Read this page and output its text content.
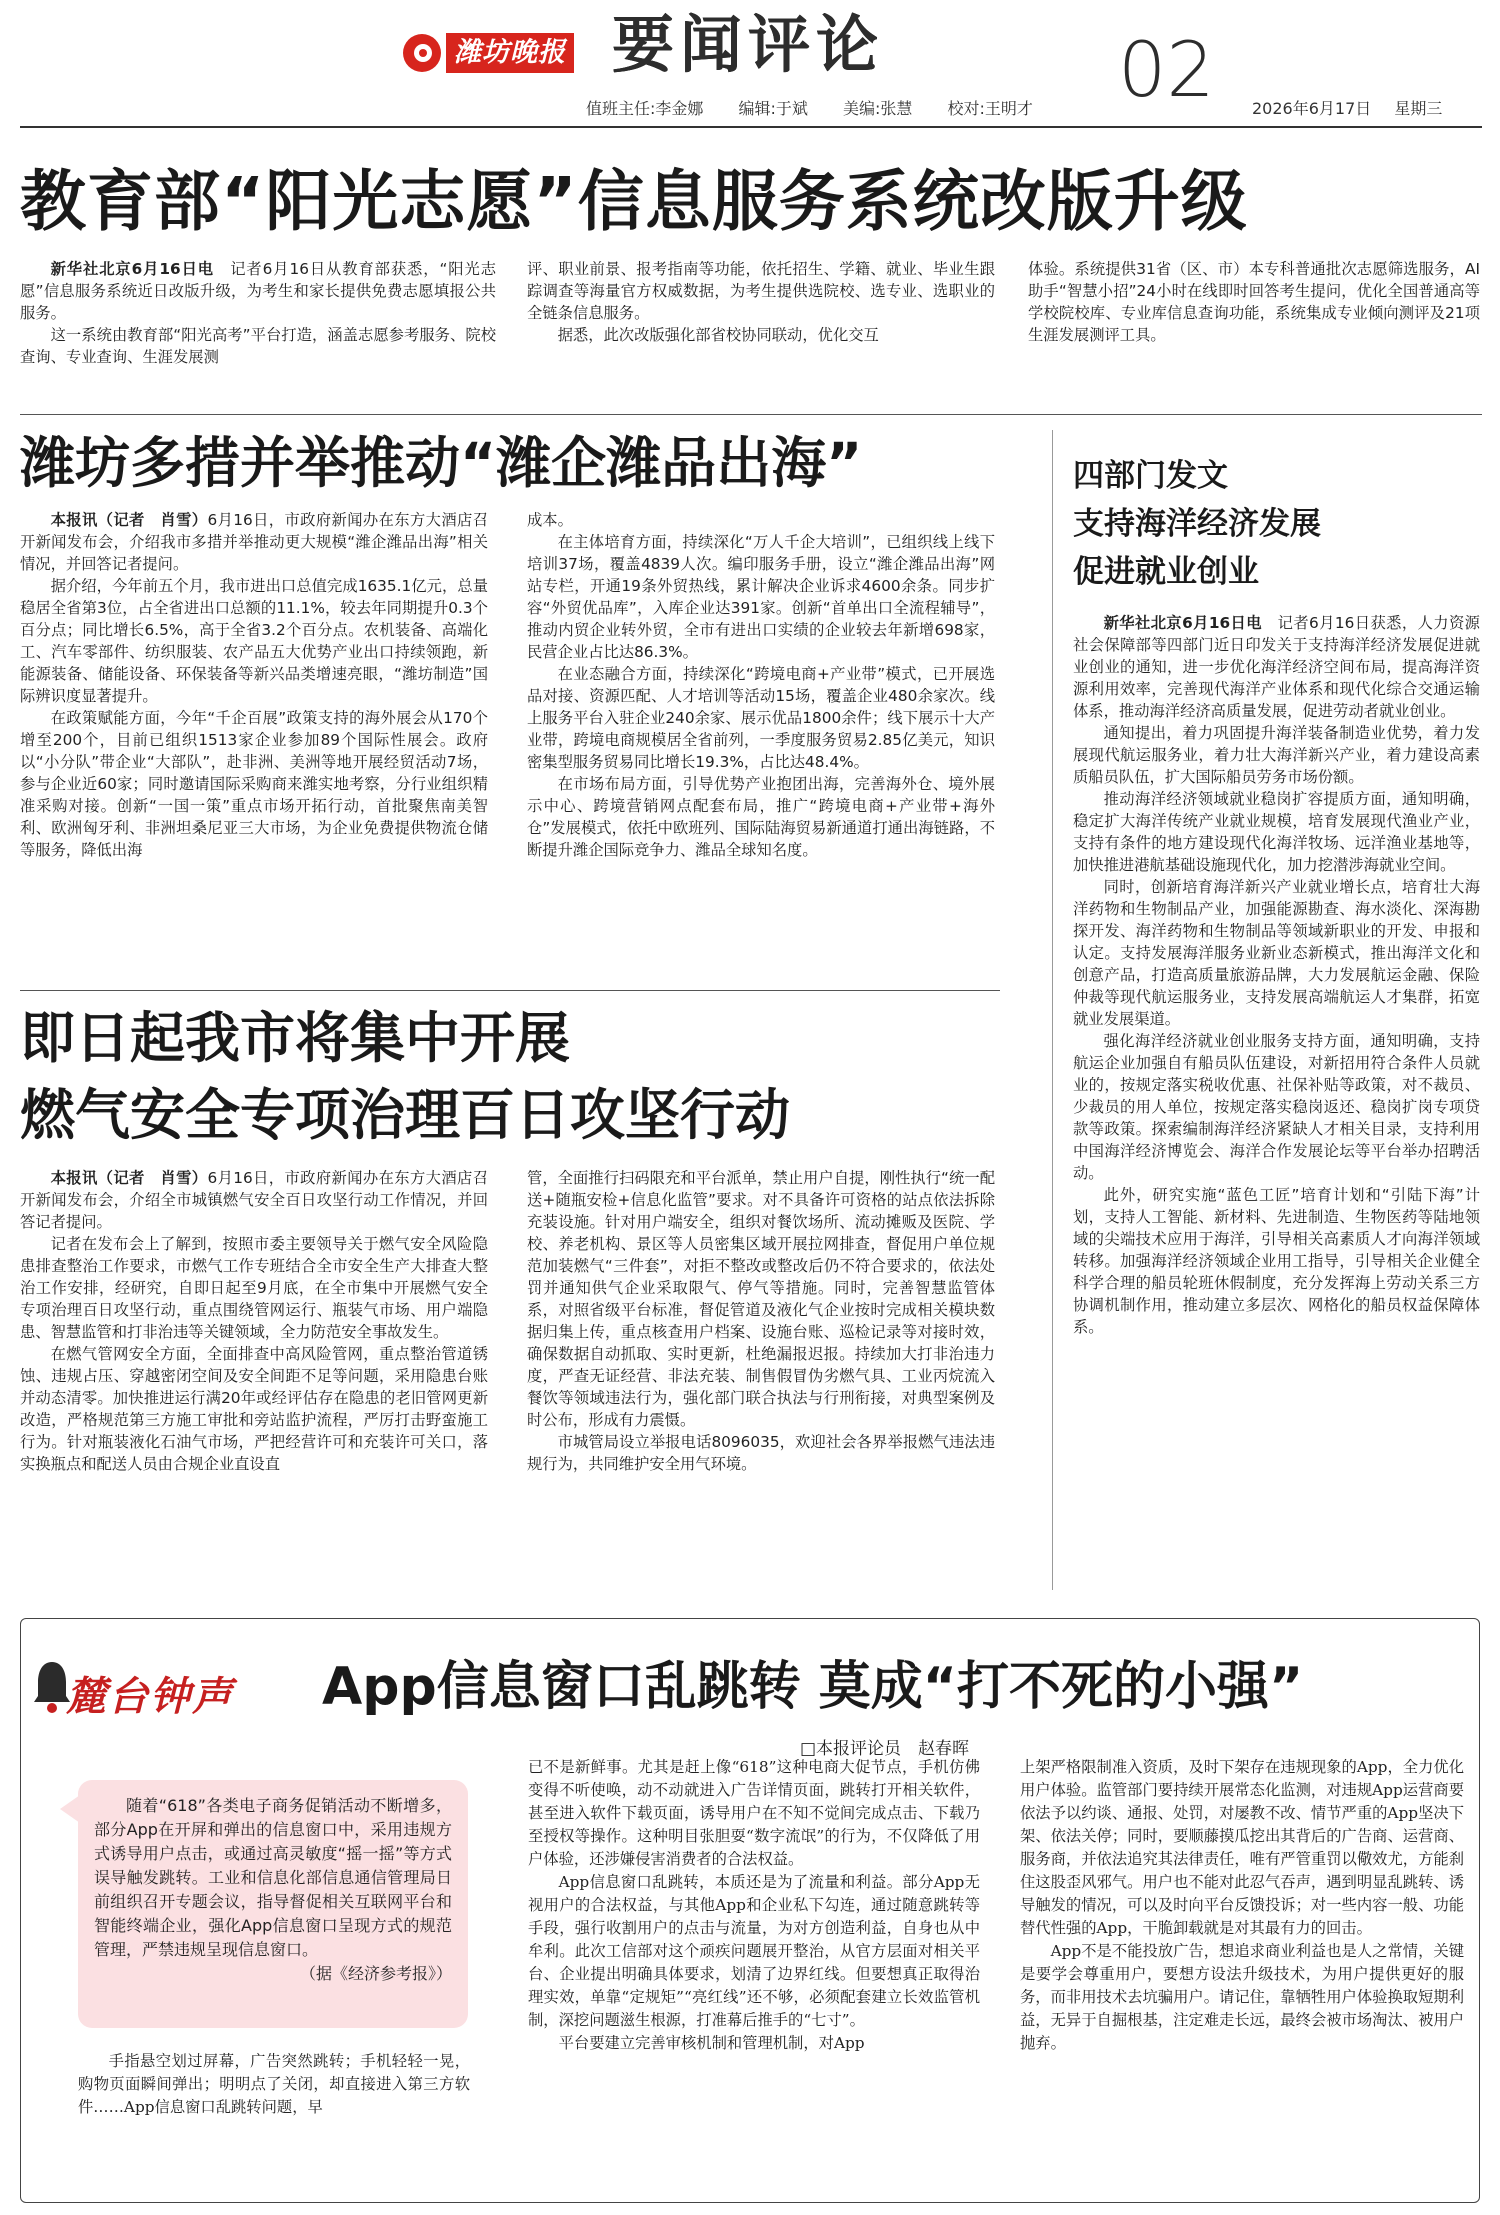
潍坊晚报 要闻评论	02
值班主任:李金娜 编辑:于斌 美编:张慧 校对:王明才	2026年6月17日 星期三
教育部“阳光志愿”信息服务系统改版升级

新华社北京6月16日电　 记者6月16日从教育部获悉，“阳光志愿”信息服务系统近日改版升级，为考生和家长提供免费志愿填报公共服务。

这一系统由教育部“阳光高考”平台打造，涵盖志愿参考服务、院校查询、专业查询、生涯发展测

评、职业前景、报考指南等功能，依托招生、学籍、就业、毕业生跟踪调查等海量官方权威数据，为考生提供选院校、选专业、选职业的全链条信息服务。

据悉，此次改版强化部省校协同联动，优化交互

体验。系统提供31省（区、市）本专科普通批次志愿筛选服务，AI助手“智慧小招”24小时在线即时回答考生提问，优化全国普通高等学校院校库、专业库信息查询功能，系统集成专业倾向测评及21项生涯发展测评工具。

潍坊多措并举推动“潍企潍品出海”

本报讯（记者　肖雪）6月16日，市政府新闻办在东方大酒店召开新闻发布会，介绍我市多措并举推动更大规模“潍企潍品出海”相关情况，并回答记者提问。

据介绍，今年前五个月，我市进出口总值完成1635.1亿元，总量稳居全省第3位，占全省进出口总额的11.1%，较去年同期提升0.3个百分点；同比增长6.5%，高于全省3.2个百分点。农机装备、高端化工、汽车零部件、纺织服装、农产品五大优势产业出口持续领跑，新能源装备、储能设备、环保装备等新兴品类增速亮眼，“潍坊制造”国际辨识度显著提升。

在政策赋能方面，今年“千企百展”政策支持的海外展会从170个增至200个，目前已组织1513家企业参加89个国际性展会。政府以“小分队”带企业“大部队”，赴非洲、美洲等地开展经贸活动7场，参与企业近60家；同时邀请国际采购商来潍实地考察，分行业组织精准采购对接。创新“一国一策”重点市场开拓行动，首批聚焦南美智利、欧洲匈牙利、非洲坦桑尼亚三大市场，为企业免费提供物流仓储等服务，降低出海

成本。

在主体培育方面，持续深化“万人千企大培训”，已组织线上线下培训37场，覆盖4839人次。编印服务手册，设立“潍企潍品出海”网站专栏，开通19条外贸热线，累计解决企业诉求4600余条。同步扩容“外贸优品库”，入库企业达391家。创新“首单出口全流程辅导”，推动内贸企业转外贸，全市有进出口实绩的企业较去年新增698家，民营企业占比达86.3%。

在业态融合方面，持续深化“跨境电商+产业带”模式，已开展选品对接、资源匹配、人才培训等活动15场，覆盖企业480余家次。线上服务平台入驻企业240余家、展示优品1800余件；线下展示十大产业带，跨境电商规模居全省前列，一季度服务贸易2.85亿美元，知识密集型服务贸易同比增长19.3%，占比达48.4%。

在市场布局方面，引导优势产业抱团出海，完善海外仓、境外展示中心、跨境营销网点配套布局，推广“跨境电商+产业带+海外仓”发展模式，依托中欧班列、国际陆海贸易新通道打通出海链路，不断提升潍企国际竞争力、潍品全球知名度。

即日起我市将集中开展
燃气安全专项治理百日攻坚行动

本报讯（记者　肖雪）6月16日，市政府新闻办在东方大酒店召开新闻发布会，介绍全市城镇燃气安全百日攻坚行动工作情况，并回答记者提问。

记者在发布会上了解到，按照市委主要领导关于燃气安全风险隐患排查整治工作要求，市燃气工作专班结合全市安全生产大排查大整治工作安排，经研究，自即日起至9月底，在全市集中开展燃气安全专项治理百日攻坚行动，重点围绕管网运行、瓶装气市场、用户端隐患、智慧监管和打非治违等关键领域，全力防范安全事故发生。

在燃气管网安全方面，全面排查中高风险管网，重点整治管道锈蚀、违规占压、穿越密闭空间及安全间距不足等问题，采用隐患台账并动态清零。加快推进运行满20年或经评估存在隐患的老旧管网更新改造，严格规范第三方施工审批和旁站监护流程，严厉打击野蛮施工行为。针对瓶装液化石油气市场，严把经营许可和充装许可关口，落实换瓶点和配送人员由合规企业直设直

管，全面推行扫码限充和平台派单，禁止用户自提，刚性执行“统一配送+随瓶安检+信息化监管”要求。对不具备许可资格的站点依法拆除充装设施。针对用户端安全，组织对餐饮场所、流动摊贩及医院、学校、养老机构、景区等人员密集区域开展拉网排查，督促用户单位规范加装燃气“三件套”，对拒不整改或整改后仍不符合要求的，依法处罚并通知供气企业采取限气、停气等措施。同时，完善智慧监管体系，对照省级平台标准，督促管道及液化气企业按时完成相关模块数据归集上传，重点核查用户档案、设施台账、巡检记录等对接时效，确保数据自动抓取、实时更新，杜绝漏报迟报。持续加大打非治违力度，严查无证经营、非法充装、制售假冒伪劣燃气具、工业丙烷流入餐饮等领域违法行为，强化部门联合执法与行刑衔接，对典型案例及时公布，形成有力震慑。

市城管局设立举报电话8096035，欢迎社会各界举报燃气违法违规行为，共同维护安全用气环境。

四部门发文
支持海洋经济发展
促进就业创业

新华社北京6月16日电　 记者6月16日获悉，人力资源社会保障部等四部门近日印发关于支持海洋经济发展促进就业创业的通知，进一步优化海洋经济空间布局，提高海洋资源利用效率，完善现代海洋产业体系和现代化综合交通运输体系，推动海洋经济高质量发展，促进劳动者就业创业。

通知提出，着力巩固提升海洋装备制造业优势，着力发展现代航运服务业，着力壮大海洋新兴产业，着力建设高素质船员队伍，扩大国际船员劳务市场份额。

推动海洋经济领域就业稳岗扩容提质方面，通知明确，稳定扩大海洋传统产业就业规模，培育发展现代渔业产业，支持有条件的地方建设现代化海洋牧场、远洋渔业基地等，加快推进港航基础设施现代化，加力挖潜涉海就业空间。

同时，创新培育海洋新兴产业就业增长点，培育壮大海洋药物和生物制品产业，加强能源勘查、海水淡化、深海勘探开发、海洋药物和生物制品等领域新职业的开发、申报和认定。支持发展海洋服务业新业态新模式，推出海洋文化和创意产品，打造高质量旅游品牌，大力发展航运金融、保险仲裁等现代航运服务业，支持发展高端航运人才集群，拓宽就业发展渠道。

强化海洋经济就业创业服务支持方面，通知明确，支持航运企业加强自有船员队伍建设，对新招用符合条件人员就业的，按规定落实税收优惠、社保补贴等政策，对不裁员、少裁员的用人单位，按规定落实稳岗返还、稳岗扩岗专项贷款等政策。探索编制海洋经济紧缺人才相关目录，支持利用中国海洋经济博览会、海洋合作发展论坛等平台举办招聘活动。

此外，研究实施“蓝色工匠”培育计划和“引陆下海”计划，支持人工智能、新材料、先进制造、生物医药等陆地领域的尖端技术应用于海洋，引导相关高素质人才向海洋领域转移。加强海洋经济领域企业用工指导，引导相关企业健全科学合理的船员轮班休假制度，充分发挥海上劳动关系三方协调机制作用，推动建立多层次、网格化的船员权益保障体系。

麓台钟声 App信息窗口乱跳转 莫成“打不死的小强”
□本报评论员　赵春晖

随着“618”各类电子商务促销活动不断增多，部分App在开屏和弹出的信息窗口中，采用违规方式诱导用户点击，或通过高灵敏度“摇一摇”等方式误导触发跳转。工业和信息化部信息通信管理局日前组织召开专题会议，指导督促相关互联网平台和智能终端企业，强化App信息窗口呈现方式的规范管理，严禁违规呈现信息窗口。

（据《经济参考报》）

手指悬空划过屏幕，广告突然跳转；手机轻轻一晃，购物页面瞬间弹出；明明点了关闭，却直接进入第三方软件……App信息窗口乱跳转问题，早

已不是新鲜事。尤其是赶上像“618”这种电商大促节点，手机仿佛变得不听使唤，动不动就进入广告详情页面，跳转打开相关软件，甚至进入软件下载页面，诱导用户在不知不觉间完成点击、下载乃至授权等操作。这种明目张胆耍“数字流氓”的行为，不仅降低了用户体验，还涉嫌侵害消费者的合法权益。

App信息窗口乱跳转，本质还是为了流量和利益。部分App无视用户的合法权益，与其他App和企业私下勾连，通过随意跳转等手段，强行收割用户的点击与流量，为对方创造利益，自身也从中牟利。此次工信部对这个顽疾问题展开整治，从官方层面对相关平台、企业提出明确具体要求，划清了边界红线。但要想真正取得治理实效，单靠“定规矩”“亮红线”还不够，必须配套建立长效监管机制，深挖问题滋生根源，打准幕后推手的“七寸”。

平台要建立完善审核机制和管理机制，对App

上架严格限制准入资质，及时下架存在违规现象的App，全力优化用户体验。监管部门要持续开展常态化监测，对违规App运营商要依法予以约谈、通报、处罚，对屡教不改、情节严重的App坚决下架、依法关停；同时，要顺藤摸瓜挖出其背后的广告商、运营商、服务商，并依法追究其法律责任，唯有严管重罚以儆效尤，方能刹住这股歪风邪气。用户也不能对此忍气吞声，遇到明显乱跳转、诱导触发的情况，可以及时向平台反馈投诉；对一些内容一般、功能替代性强的App，干脆卸载就是对其最有力的回击。

App不是不能投放广告，想追求商业利益也是人之常情，关键是要学会尊重用户，要想方设法升级技术，为用户提供更好的服务，而非用技术去坑骗用户。请记住，靠牺牲用户体验换取短期利益，无异于自掘根基，注定难走长远，最终会被市场淘汰、被用户抛弃。
